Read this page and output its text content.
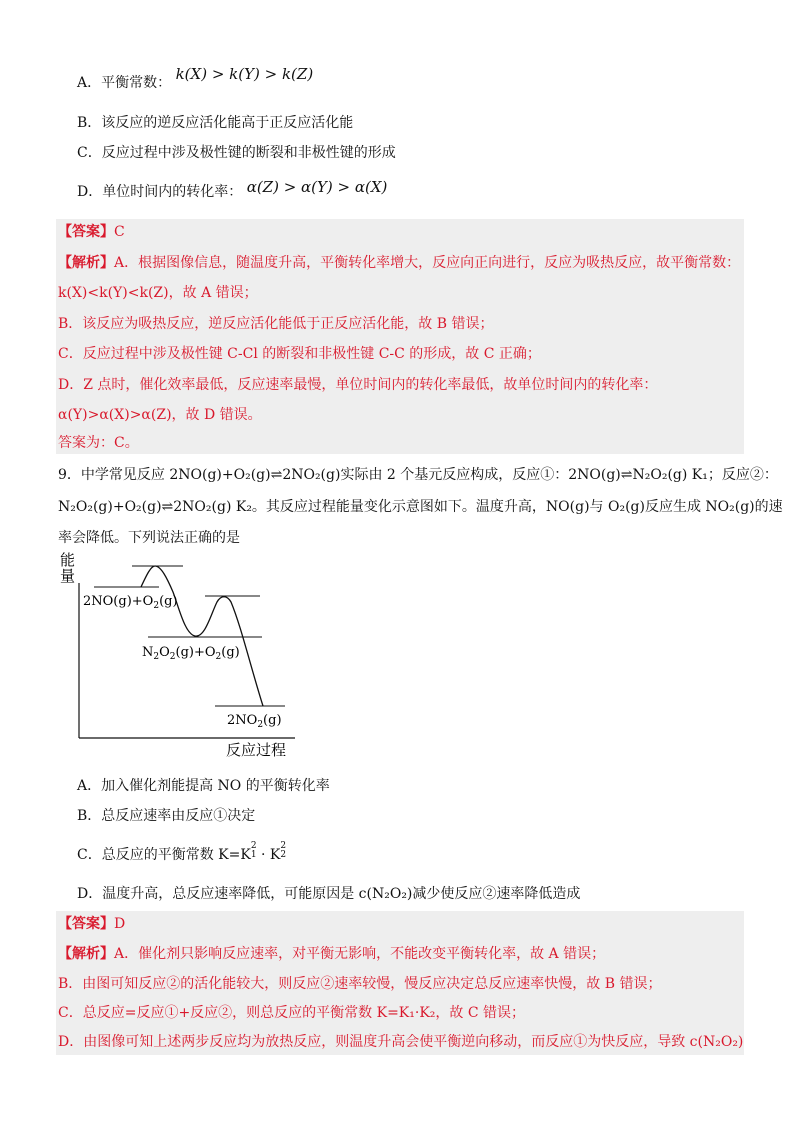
A．平衡常数： k(X) > k(Y) > k(Z)
B．该反应的逆反应活化能高于正反应活化能
C．反应过程中涉及极性键的断裂和非极性键的形成
D．单位时间内的转化率： α(Z) > α(Y) > α(X)
【答案】C
【解析】A．根据图像信息，随温度升高，平衡转化率增大，反应向正向进行，反应为吸热反应，故平衡常数：
k(X)<k(Y)<k(Z)，故 A 错误；
B．该反应为吸热反应，逆反应活化能低于正反应活化能，故 B 错误；
C．反应过程中涉及极性键 C-Cl 的断裂和非极性键 C-C 的形成，故 C 正确；
D．Z 点时，催化效率最低，反应速率最慢，单位时间内的转化率最低，故单位时间内的转化率：
α(Y)>α(X)>α(Z)，故 D 错误。
答案为：C。
9．中学常见反应 2NO(g)+O₂(g)⇌2NO₂(g)实际由 2 个基元反应构成，反应①：2NO(g)⇌N₂O₂(g) K₁；反应②：
N₂O₂(g)+O₂(g)⇌2NO₂(g) K₂。其反应过程能量变化示意图如下。温度升高，NO(g)与 O₂(g)反应生成 NO₂(g)的速
率会降低。下列说法正确的是
能
量
反应过程
$2NO(g)+O_2(g)$
$N_2O_2(g)+O_2(g)$
$2NO_2(g)$
A．加入催化剂能提高 NO 的平衡转化率
B．总反应速率由反应①决定
C．总反应的平衡常数 K=K2
1 · K2
2
D．温度升高，总反应速率降低，可能原因是 c(N₂O₂)减少使反应②速率降低造成
【答案】D
【解析】A．催化剂只影响反应速率，对平衡无影响，不能改变平衡转化率，故 A 错误；
B．由图可知反应②的活化能较大，则反应②速率较慢，慢反应决定总反应速率快慢，故 B 错误；
C．总反应=反应①+反应②，则总反应的平衡常数 K=K₁·K₂，故 C 错误；
D．由图像可知上述两步反应均为放热反应，则温度升高会使平衡逆向移动，而反应①为快反应，导致 c(N₂O₂)
